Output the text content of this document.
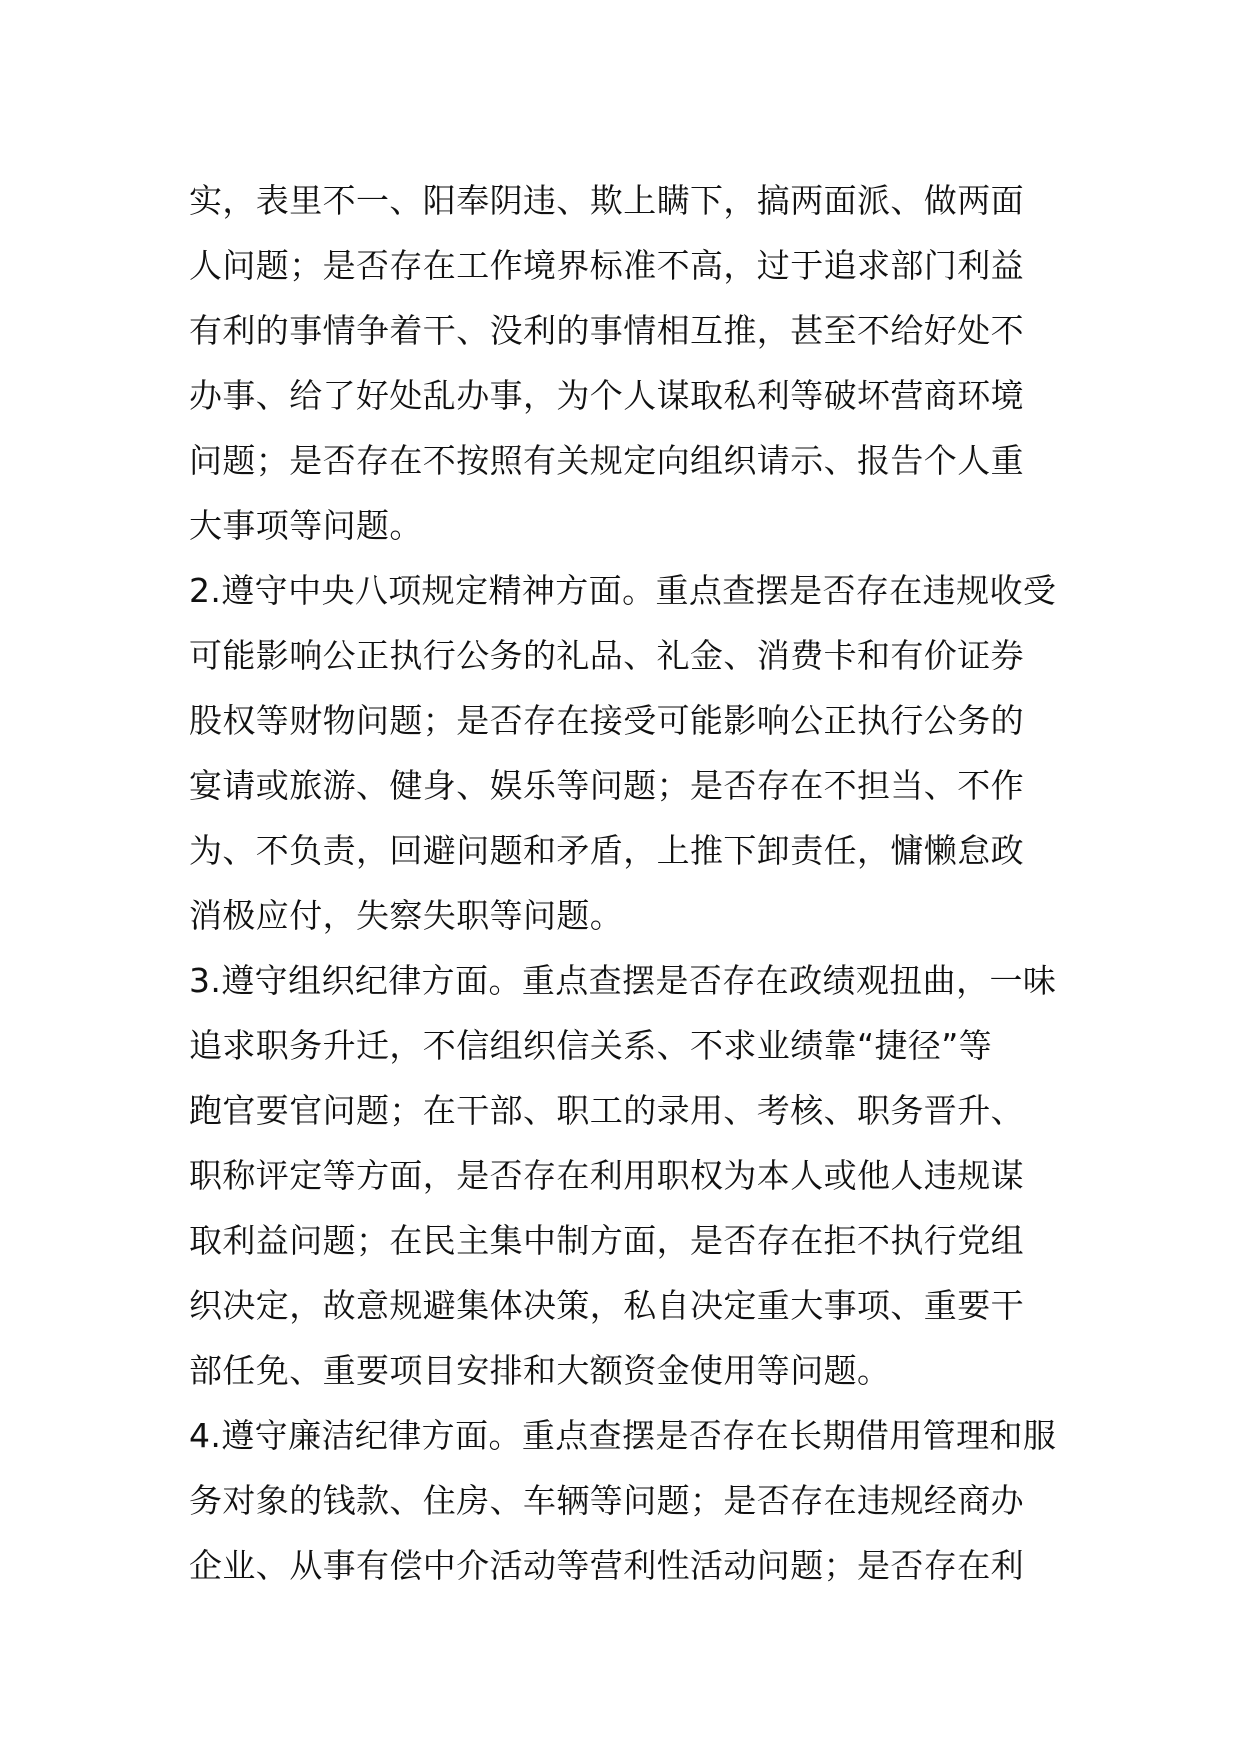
实，表里不一、阳奉阴违、欺上瞒下，搞两面派、做两面
人问题；是否存在工作境界标准不高，过于追求部门利益
有利的事情争着干、没利的事情相互推，甚至不给好处不
办事、给了好处乱办事，为个人谋取私利等破坏营商环境
问题；是否存在不按照有关规定向组织请示、报告个人重
大事项等问题。
2.遵守中央八项规定精神方面。重点查摆是否存在违规收受
可能影响公正执行公务的礼品、礼金、消费卡和有价证券
股权等财物问题；是否存在接受可能影响公正执行公务的
宴请或旅游、健身、娱乐等问题；是否存在不担当、不作
为、不负责，回避问题和矛盾，上推下卸责任，慵懒怠政
消极应付，失察失职等问题。
3.遵守组织纪律方面。重点查摆是否存在政绩观扭曲，一味
追求职务升迁，不信组织信关系、不求业绩靠“捷径”等
跑官要官问题；在干部、职工的录用、考核、职务晋升、
职称评定等方面，是否存在利用职权为本人或他人违规谋
取利益问题；在民主集中制方面，是否存在拒不执行党组
织决定，故意规避集体决策，私自决定重大事项、重要干
部任免、重要项目安排和大额资金使用等问题。
4.遵守廉洁纪律方面。重点查摆是否存在长期借用管理和服
务对象的钱款、住房、车辆等问题；是否存在违规经商办
企业、从事有偿中介活动等营利性活动问题；是否存在利
